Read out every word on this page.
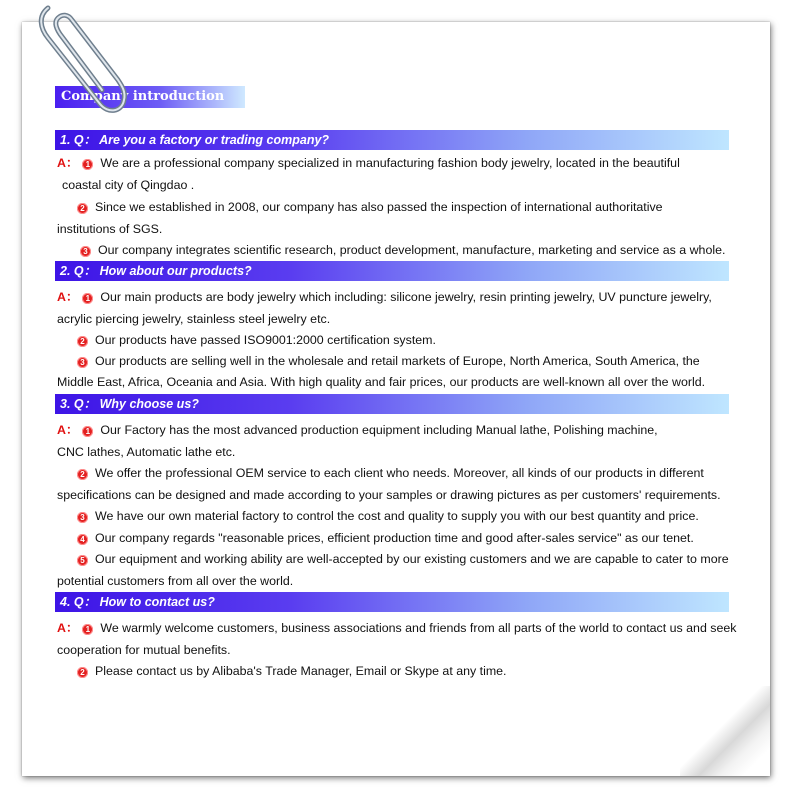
Company introduction
1. Q： Are you a factory or trading company?
A： 1 We are a professional company specialized in manufacturing fashion body jewelry, located in the beautiful
coastal city of Qingdao .
2 Since we established in 2008, our company has also passed the inspection of international authoritative
institutions of SGS.
3 Our company integrates scientific research, product development, manufacture, marketing and service as a whole.
2. Q： How about our products?
A： 1 Our main products are body jewelry which including: silicone jewelry, resin printing jewelry, UV puncture jewelry,
acrylic piercing jewelry, stainless steel jewelry etc.
2 Our products have passed ISO9001:2000 certification system.
3 Our products are selling well in the wholesale and retail markets of Europe, North America, South America, the
Middle East, Africa, Oceania and Asia. With high quality and fair prices, our products are well-known all over the world.
3. Q： Why choose us?
A： 1 Our Factory has the most advanced production equipment including Manual lathe, Polishing machine,
CNC lathes, Automatic lathe etc.
2 We offer the professional OEM service to each client who needs. Moreover, all kinds of our products in different
specifications can be designed and made according to your samples or drawing pictures as per customers' requirements.
3 We have our own material factory to control the cost and quality to supply you with our best quantity and price.
4 Our company regards "reasonable prices, efficient production time and good after-sales service" as our tenet.
5 Our equipment and working ability are well-accepted by our existing customers and we are capable to cater to more
potential customers from all over the world.
4. Q： How to contact us?
A： 1 We warmly welcome customers, business associations and friends from all parts of the world to contact us and seek
cooperation for mutual benefits.
2 Please contact us by Alibaba's Trade Manager, Email or Skype at any time.
